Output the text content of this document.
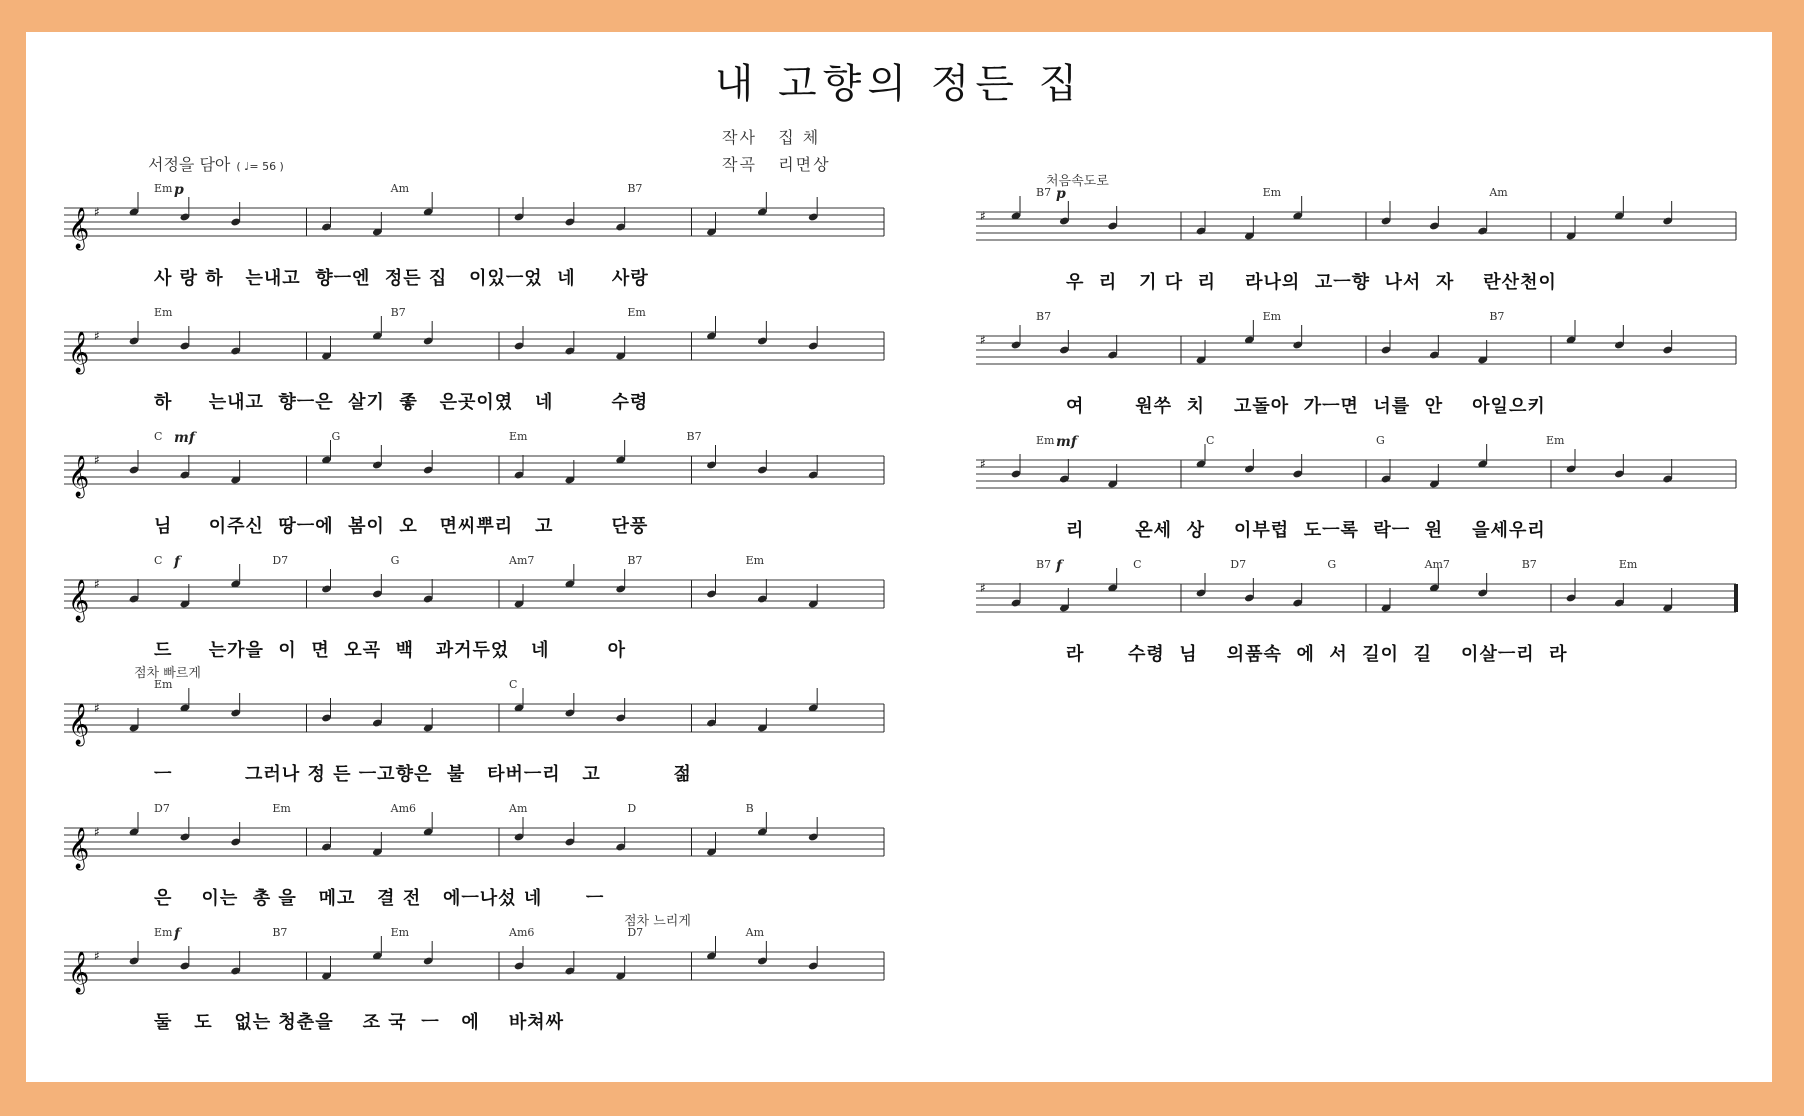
내 고향의 정든 집
작사 집 체
작곡 리면상
서정을 담아 ( ♩= 56 )
𝄞 ♯
Em	Am	B7
p
사 랑 하   는내고  향ㅡ엔  정든 집   이있ㅡ었  네     사랑
𝄞 ♯
Em	B7	Em
하     는내고  향ㅡ은  살기  좋   은곳이였   네        수령
𝄞 ♯
C	G	Em	B7
mf
님     이주신  땅ㅡ에  봄이  오   면씨뿌리   고        단풍
𝄞 ♯
C	D7	G	Am7	B7	Em
f
드     는가을  이  면  오곡  백   과거두었   네        아
𝄞 ♯
Em	C
점차 빠르게
ㅡ          그러나 정 든 ㅡ고향은  불   타버ㅡ리   고          젊
𝄞 ♯
D7	Em	Am6	Am	D	B
은    이는  총 을   메고   결 전   에ㅡ나섰 네      ㅡ
𝄞 ♯
Em	B7	Em	Am6	D7	Am
f
점차 느리게
둘   도   없는 청춘을    조 국  ㅡ   에    바쳐싸
♯
B7	Em	Am
p
처음속도로
우  리   기 다  리    라나의  고ㅡ향  나서  자    란산천이
♯
B7	Em	B7
여       원쑤  치    고돌아  가ㅡ면  너를  안    아일으키
♯
Em	C	G	Em
mf
리       온세  상    이부럽  도ㅡ록  락ㅡ  원    을세우리
♯
B7	C	D7	G	Am7	B7	Em
f
라      수령  님    의품속  에  서  길이  길    이살ㅡ리  라
